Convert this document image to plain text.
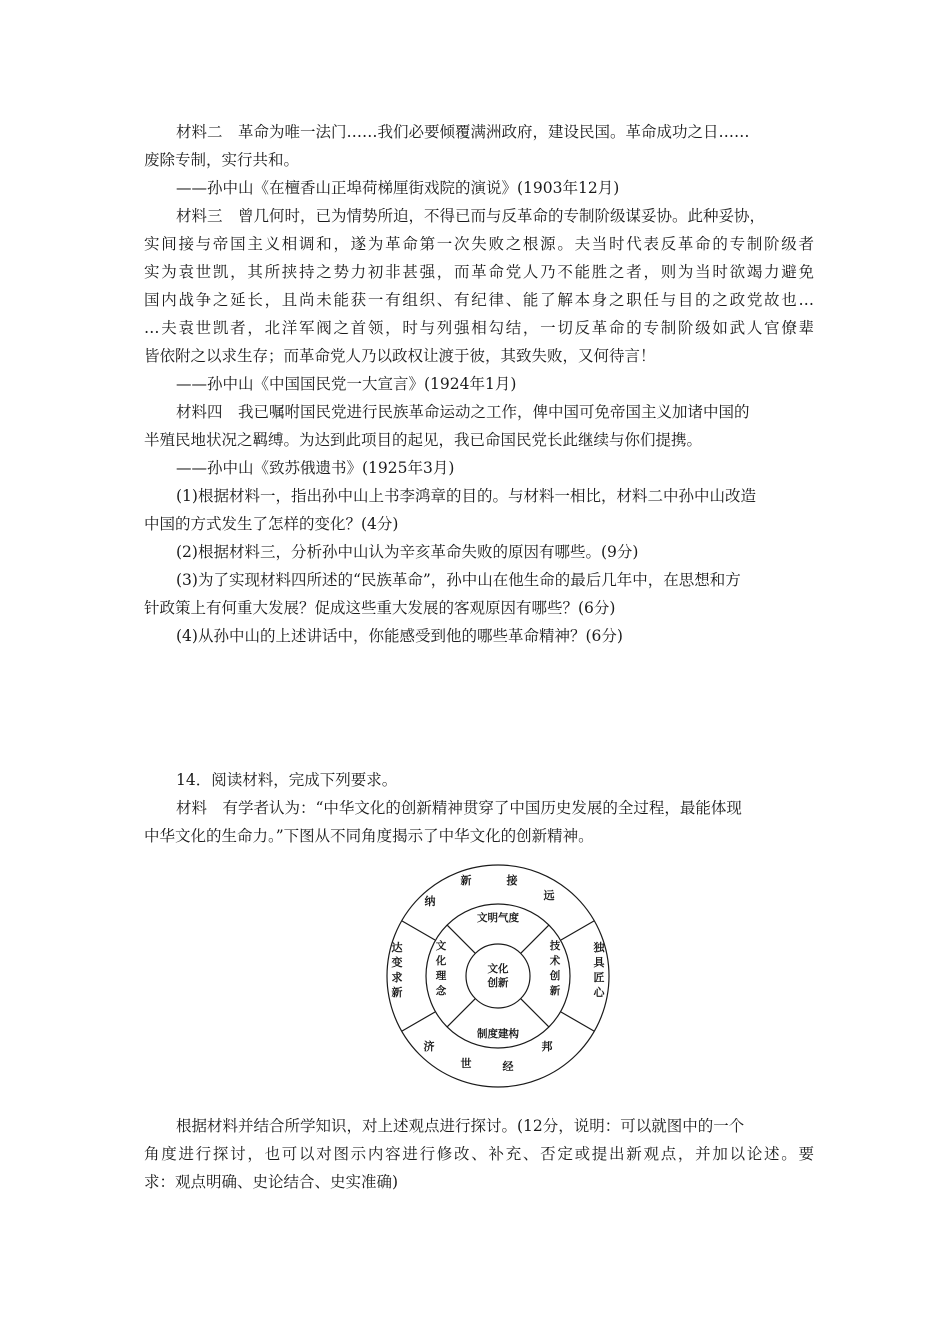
材料二　革命为唯一法门……我们必要倾覆满洲政府，建设民国。革命成功之日……
废除专制，实行共和。
——孙中山《在檀香山正埠荷梯厘街戏院的演说》(1903年12月)
材料三　曾几何时，已为情势所迫，不得已而与反革命的专制阶级谋妥协。此种妥协，
实间接与帝国主义相调和，遂为革命第一次失败之根源。夫当时代表反革命的专制阶级者
实为袁世凯，其所挟持之势力初非甚强，而革命党人乃不能胜之者，则为当时欲竭力避免
国内战争之延长，且尚未能获一有组织、有纪律、能了解本身之职任与目的之政党故也…
…夫袁世凯者，北洋军阀之首领，时与列强相勾结，一切反革命的专制阶级如武人官僚辈
皆依附之以求生存；而革命党人乃以政权让渡于彼，其致失败，又何待言！
——孙中山《中国国民党一大宣言》(1924年1月)
材料四　我已嘱咐国民党进行民族革命运动之工作，俾中国可免帝国主义加诸中国的
半殖民地状况之羁缚。为达到此项目的起见，我已命国民党长此继续与你们提携。
——孙中山《致苏俄遗书》(1925年3月)
(1)根据材料一，指出孙中山上书李鸿章的目的。与材料一相比，材料二中孙中山改造
中国的方式发生了怎样的变化？(4分)
(2)根据材料三，分析孙中山认为辛亥革命失败的原因有哪些。(9分)
(3)为了实现材料四所述的“民族革命”，孙中山在他生命的最后几年中，在思想和方
针政策上有何重大发展？促成这些重大发展的客观原因有哪些？(6分)
(4)从孙中山的上述讲话中，你能感受到他的哪些革命精神？(6分)
14．阅读材料，完成下列要求。
材料　有学者认为：“中华文化的创新精神贯穿了中国历史发展的全过程，最能体现
中华文化的生命力。”下图从不同角度揭示了中华文化的创新精神。
文化
创新
文明气度
制度建构
文
化
理
念
技
术
创
新
纳
新	接
远
达
变
求
新
独
具
匠
心
济
世	经
邦
根据材料并结合所学知识，对上述观点进行探讨。(12分，说明：可以就图中的一个
角度进行探讨，也可以对图示内容进行修改、补充、否定或提出新观点，并加以论述。要
求：观点明确、史论结合、史实准确)
